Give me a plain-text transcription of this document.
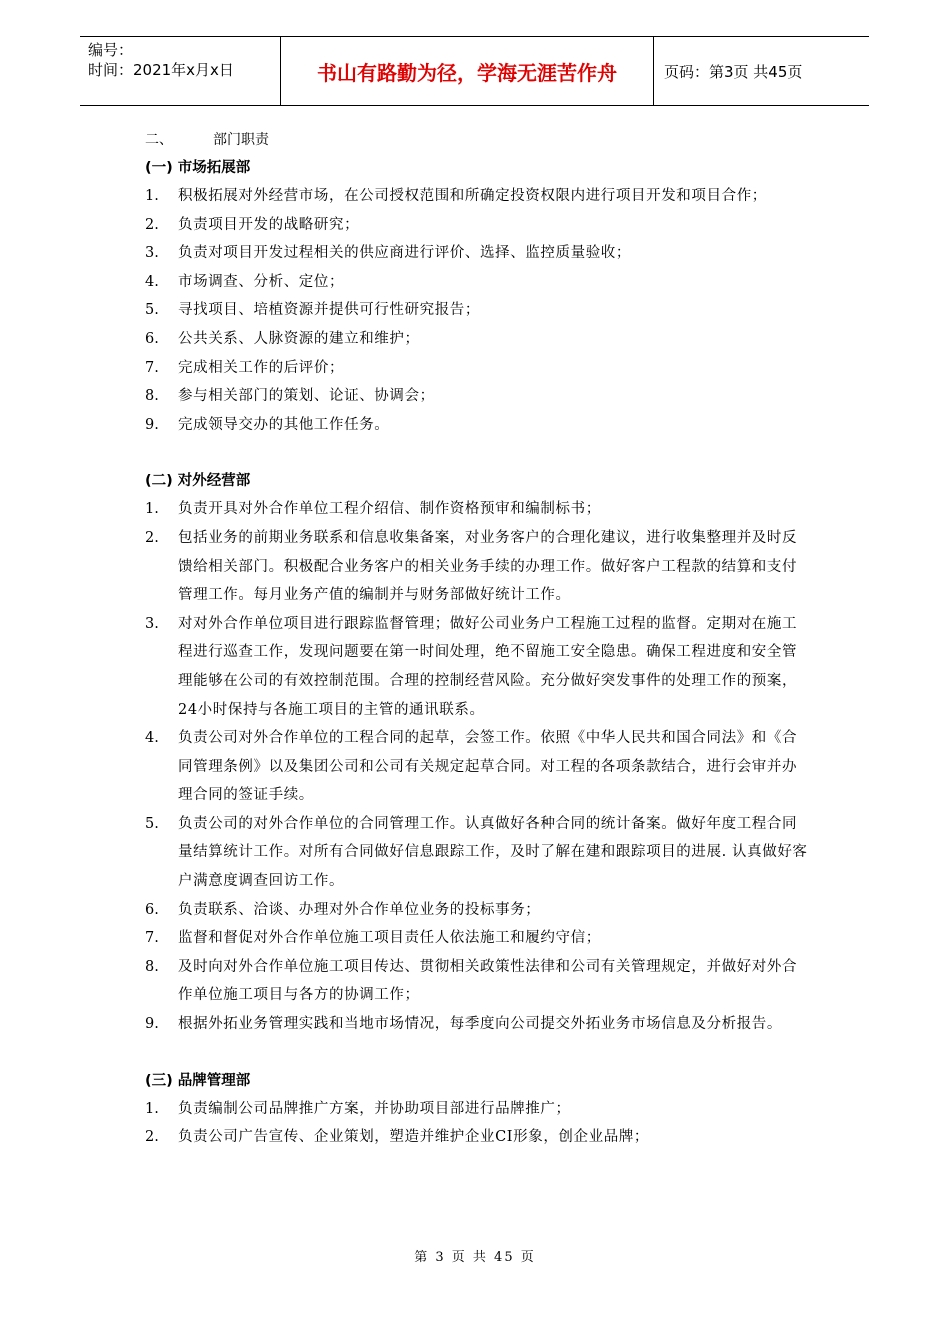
编号：
时间：2021年x月x日	书山有路勤为径，学海无涯苦作舟	页码：第3页 共45页
二、	部门职责
(一) 市场拓展部
1. 积极拓展对外经营市场，在公司授权范围和所确定投资权限内进行项目开发和项目合作；
2. 负责项目开发的战略研究；
3. 负责对项目开发过程相关的供应商进行评价、选择、监控质量验收；
4. 市场调查、分析、定位；
5. 寻找项目、培植资源并提供可行性研究报告；
6. 公共关系、人脉资源的建立和维护；
7. 完成相关工作的后评价；
8. 参与相关部门的策划、论证、协调会；
9. 完成领导交办的其他工作任务。
(二) 对外经营部
1. 负责开具对外合作单位工程介绍信、制作资格预审和编制标书；
2. 包括业务的前期业务联系和信息收集备案，对业务客户的合理化建议，进行收集整理并及时反馈给相关部门。积极配合业务客户的相关业务手续的办理工作。做好客户工程款的结算和支付管理工作。每月业务产值的编制并与财务部做好统计工作。
3. 对对外合作单位项目进行跟踪监督管理；做好公司业务户工程施工过程的监督。定期对在施工程进行巡查工作，发现问题要在第一时间处理，绝不留施工安全隐患。确保工程进度和安全管理能够在公司的有效控制范围。合理的控制经营风险。充分做好突发事件的处理工作的预案，24小时保持与各施工项目的主管的通讯联系。
4. 负责公司对外合作单位的工程合同的起草，会签工作。依照《中华人民共和国合同法》和《合同管理条例》以及集团公司和公司有关规定起草合同。对工程的各项条款结合，进行会审并办理合同的签证手续。
5. 负责公司的对外合作单位的合同管理工作。认真做好各种合同的统计备案。做好年度工程合同量结算统计工作。对所有合同做好信息跟踪工作，及时了解在建和跟踪项目的进展. 认真做好客户满意度调查回访工作。
6. 负责联系、洽谈、办理对外合作单位业务的投标事务；
7. 监督和督促对外合作单位施工项目责任人依法施工和履约守信；
8. 及时向对外合作单位施工项目传达、贯彻相关政策性法律和公司有关管理规定，并做好对外合作单位施工项目与各方的协调工作；
9. 根据外拓业务管理实践和当地市场情况，每季度向公司提交外拓业务市场信息及分析报告。
(三) 品牌管理部
1. 负责编制公司品牌推广方案，并协助项目部进行品牌推广；
2. 负责公司广告宣传、企业策划，塑造并维护企业CI形象，创企业品牌；
第 3 页 共 45 页
